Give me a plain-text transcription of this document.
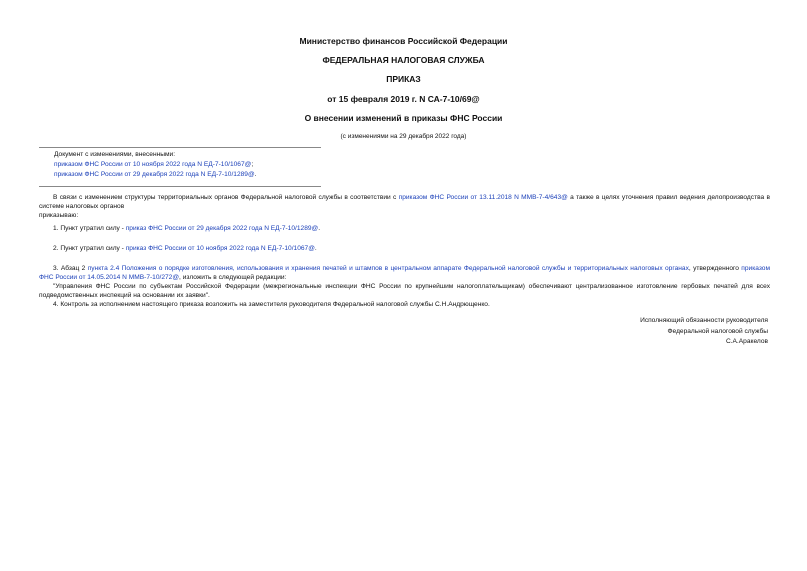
Министерство финансов Российской Федерации
ФЕДЕРАЛЬНАЯ НАЛОГОВАЯ СЛУЖБА
ПРИКАЗ
от 15 февраля 2019 г. N СА-7-10/69@
О внесении изменений в приказы ФНС России
(с изменениями на 29 декабря 2022 года)
Документ с изменениями, внесенными:
приказом ФНС России от 10 ноября 2022 года N ЕД-7-10/1067@;
приказом ФНС России от 29 декабря 2022 года N ЕД-7-10/1289@.

В связи с изменением структуры территориальных органов Федеральной налоговой службы в соответствии с приказом ФНС России от 13.11.2018 N ММВ-7-4/643@ а также в целях уточнения правил ведения делопроизводства в системе налоговых органов

приказываю:

1. Пункт утратил силу - приказ ФНС России от 29 декабря 2022 года N ЕД-7-10/1289@.

2. Пункт утратил силу - приказ ФНС России от 10 ноября 2022 года N ЕД-7-10/1067@.

3. Абзац 2 пункта 2.4 Положения о порядке изготовления, использования и хранения печатей и штампов в центральном аппарате Федеральной налоговой службы и территориальных налоговых органах, утвержденного приказом ФНС России от 14.05.2014 N ММВ-7-10/272@, изложить в следующей редакции:

"Управления ФНС России по субъектам Российской Федерации (межрегиональные инспекции ФНС России по крупнейшим налогоплательщикам) обеспечивают централизованное изготовление гербовых печатей для всех подведомственных инспекций на основании их заявки".

4. Контроль за исполнением настоящего приказа возложить на заместителя руководителя Федеральной налоговой службы С.Н.Андрющенко.

Исполняющий обязанности руководителя
Федеральной налоговой службы
С.А.Аракелов
